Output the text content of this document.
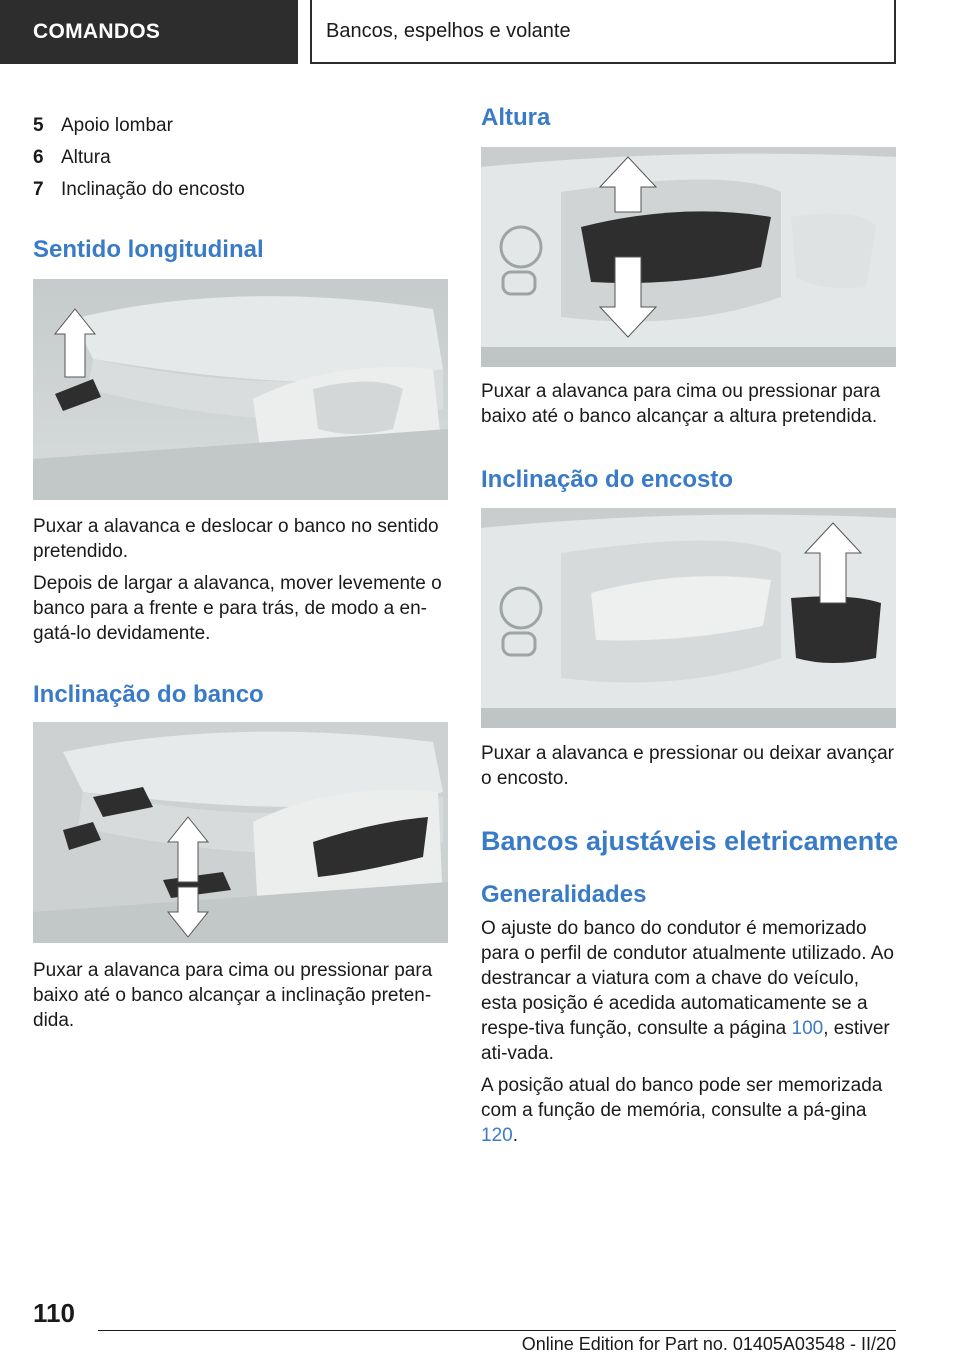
COMANDOS	Bancos, espelhos e volante
5 Apoio lombar
6 Altura
7 Inclinação do encosto
Sentido longitudinal

Puxar a alavanca e deslocar o banco no sentido pretendido.

Depois de largar a alavanca, mover levemente o banco para a frente e para trás, de modo a en-gatá-lo devidamente.

Inclinação do banco

Puxar a alavanca para cima ou pressionar para baixo até o banco alcançar a inclinação preten-dida.

Altura

Puxar a alavanca para cima ou pressionar para baixo até o banco alcançar a altura pretendida.

Inclinação do encosto

Puxar a alavanca e pressionar ou deixar avançar o encosto.

Bancos ajustáveis eletricamente
Generalidades

O ajuste do banco do condutor é memorizado para o perfil de condutor atualmente utilizado. Ao destrancar a viatura com a chave do veículo, esta posição é acedida automaticamente se a respe-tiva função, consulte a página 100, estiver ati-vada.

A posição atual do banco pode ser memorizada com a função de memória, consulte a pá-gina 120.

110
Online Edition for Part no. 01405A03548 - II/20
